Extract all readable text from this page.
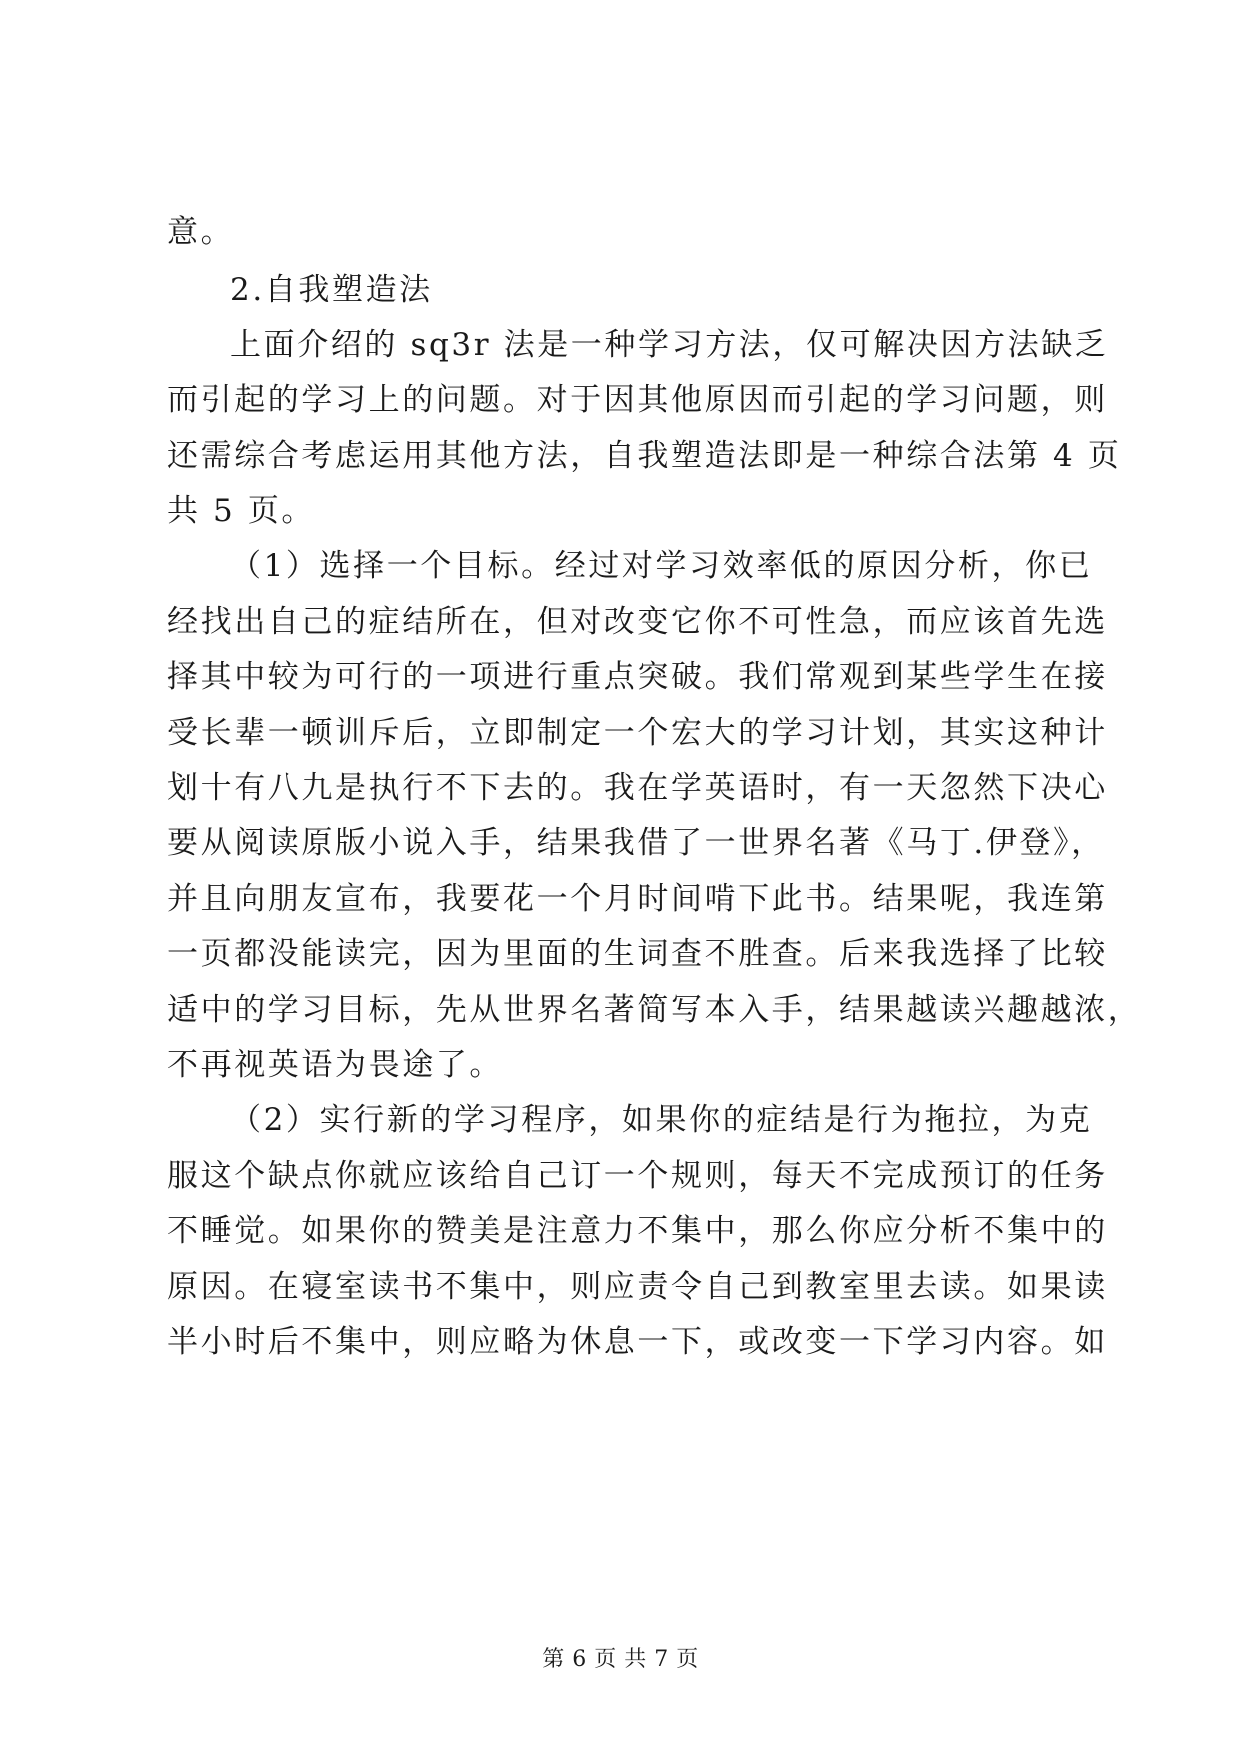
意。
2.自我塑造法
上面介绍的 sq3r 法是一种学习方法，仅可解决因方法缺乏
而引起的学习上的问题。对于因其他原因而引起的学习问题，则
还需综合考虑运用其他方法，自我塑造法即是一种综合法第 4 页
共 5 页。
（1）选择一个目标。经过对学习效率低的原因分析，你已
经找出自己的症结所在，但对改变它你不可性急，而应该首先选
择其中较为可行的一项进行重点突破。我们常观到某些学生在接
受长辈一顿训斥后，立即制定一个宏大的学习计划，其实这种计
划十有八九是执行不下去的。我在学英语时，有一天忽然下决心
要从阅读原版小说入手，结果我借了一世界名著《马丁.伊登》，
并且向朋友宣布，我要花一个月时间啃下此书。结果呢，我连第
一页都没能读完，因为里面的生词查不胜查。后来我选择了比较
适中的学习目标，先从世界名著简写本入手，结果越读兴趣越浓，
不再视英语为畏途了。
（2）实行新的学习程序，如果你的症结是行为拖拉，为克
服这个缺点你就应该给自己订一个规则，每天不完成预订的任务
不睡觉。如果你的赞美是注意力不集中，那么你应分析不集中的
原因。在寝室读书不集中，则应责令自己到教室里去读。如果读
半小时后不集中，则应略为休息一下，或改变一下学习内容。如
第 6 页 共 7 页
